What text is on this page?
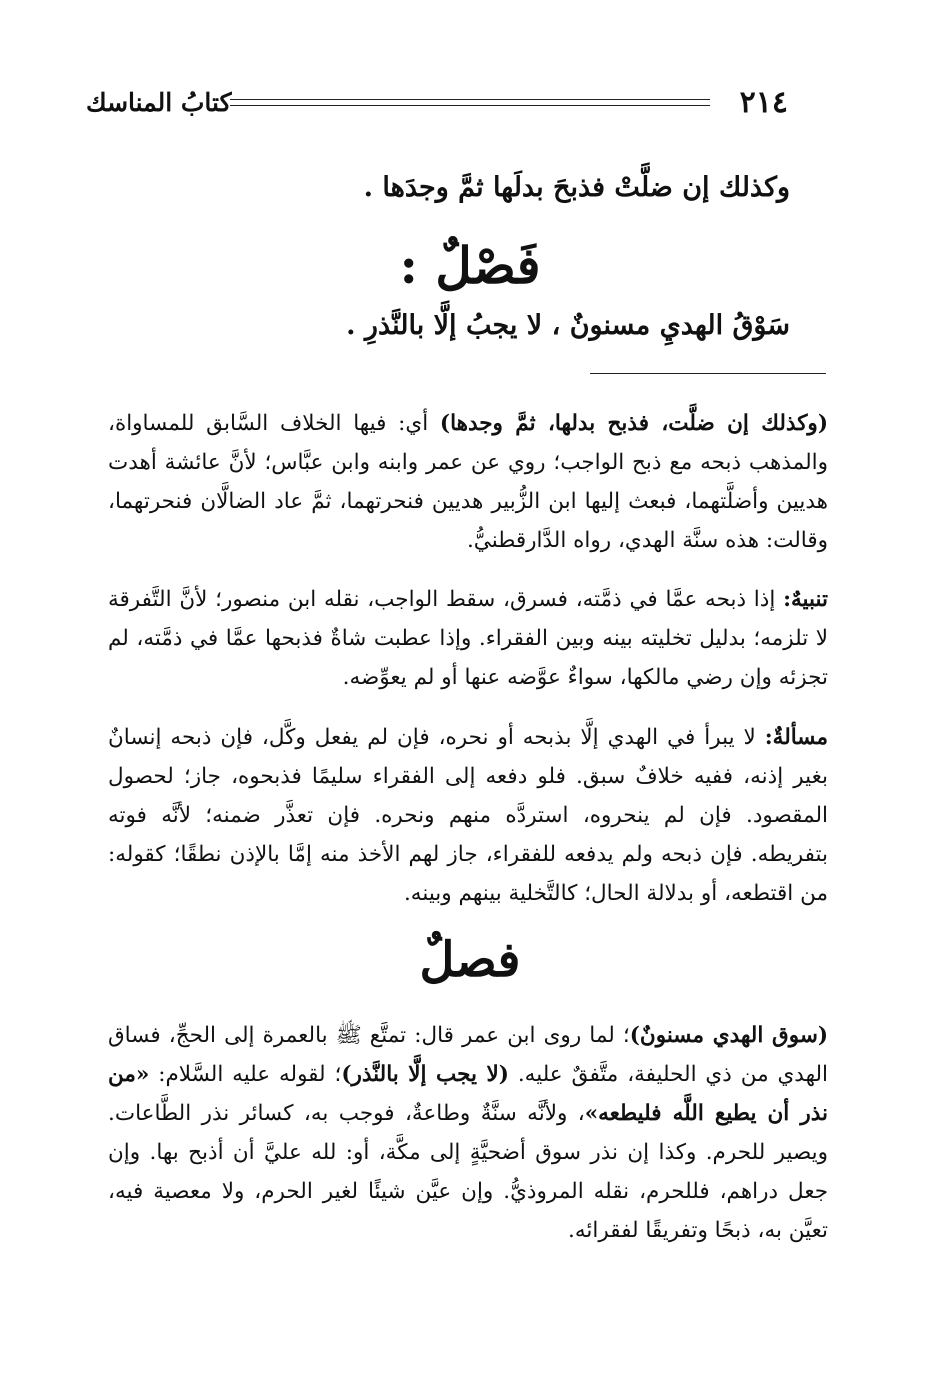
٢١٤
كتابُ المناسك
وكذلك إن ضلَّتْ فذبحَ بدلَها ثمَّ وجدَها .
فَصْلٌ :
سَوْقُ الهديِ مسنونٌ ، لا يجبُ إلَّا بالنَّذرِ .

(وكذلك إن ضلَّت، فذبح بدلها، ثمَّ وجدها) أي: فيها الخلاف السَّابق للمساواة، والمذهب ذبحه مع ذبح الواجب؛ روي عن عمر وابنه وابن عبَّاس؛ لأنَّ عائشة أهدت هديين وأضلَّتهما، فبعث إليها ابن الزُّبير هديين فنحرتهما، ثمَّ عاد الضالَّان فنحرتهما، وقالت: هذه سنَّة الهدي، رواه الدَّارقطنيُّ.

تنبيهٌ: إذا ذبحه عمَّا في ذمَّته، فسرق، سقط الواجب، نقله ابن منصور؛ لأنَّ التَّفرقة لا تلزمه؛ بدليل تخليته بينه وبين الفقراء. وإذا عطبت شاةٌ فذبحها عمَّا في ذمَّته، لم تجزئه وإن رضي مالكها، سواءٌ عوَّضه عنها أو لم يعوِّضه.

مسألةٌ: لا يبرأ في الهدي إلَّا بذبحه أو نحره، فإن لم يفعل وكَّل، فإن ذبحه إنسانٌ بغير إذنه، ففيه خلافٌ سبق. فلو دفعه إلى الفقراء سليمًا فذبحوه، جاز؛ لحصول المقصود. فإن لم ينحروه، استردَّه منهم ونحره. فإن تعذَّر ضمنه؛ لأنَّه فوته بتفريطه. فإن ذبحه ولم يدفعه للفقراء، جاز لهم الأخذ منه إمَّا بالإذن نطقًا؛ كقوله: من اقتطعه، أو بدلالة الحال؛ كالتَّخلية بينهم وبينه.

فصلٌ

(سوق الهدي مسنونٌ)؛ لما روى ابن عمر قال: تمتَّع ﷺ بالعمرة إلى الحجِّ، فساق الهدي من ذي الحليفة، متَّفقٌ عليه. (لا يجب إلَّا بالنَّذر)؛ لقوله عليه السَّلام: «من نذر أن يطيع اللَّه فليطعه»، ولأنَّه سنَّةٌ وطاعةٌ، فوجب به، كسائر نذر الطَّاعات. ويصير للحرم. وكذا إن نذر سوق أضحيَّةٍ إلى مكَّة، أو: لله عليَّ أن أذبح بها. وإن جعل دراهم، فللحرم، نقله المروذيُّ. وإن عيَّن شيئًا لغير الحرم، ولا معصية فيه، تعيَّن به، ذبحًا وتفريقًا لفقرائه.
